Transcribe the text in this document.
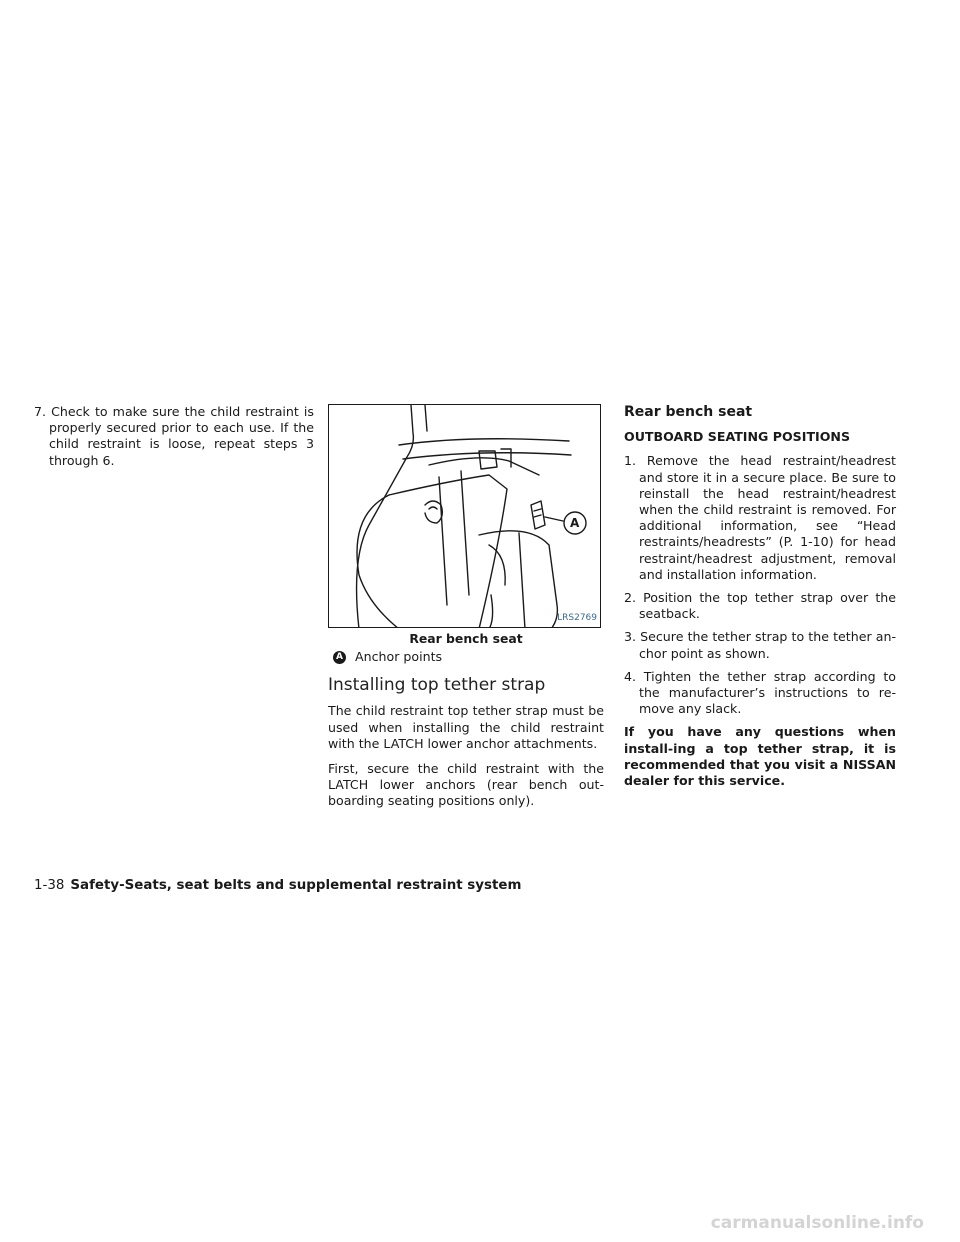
7. Check to make sure the child restraint is properly secured prior to each use. If the child restraint is loose, repeat steps 3 through 6.

A
LRS2769
Rear bench seat
A Anchor points
Installing top tether strap

The child restraint top tether strap must be used when installing the child restraint with the LATCH lower anchor attachments.

First, secure the child restraint with the LATCH lower anchors (rear bench out-boarding seating positions only).

Rear bench seat
OUTBOARD SEATING POSITIONS

1. Remove the head restraint/headrest and store it in a secure place. Be sure to reinstall the head restraint/headrest when the child restraint is removed. For additional information, see “Head restraints/headrests” (P. 1-10) for head restraint/headrest adjustment, removal and installation information.

2. Position the top tether strap over the seatback.

3. Secure the tether strap to the tether an-chor point as shown.

4. Tighten the tether strap according to the manufacturer’s instructions to re-move any slack.

If you have any questions when install-ing a top tether strap, it is recommended that you visit a NISSAN dealer for this service.

1-38 Safety-Seats, seat belts and supplemental restraint system
carmanualsonline.info
